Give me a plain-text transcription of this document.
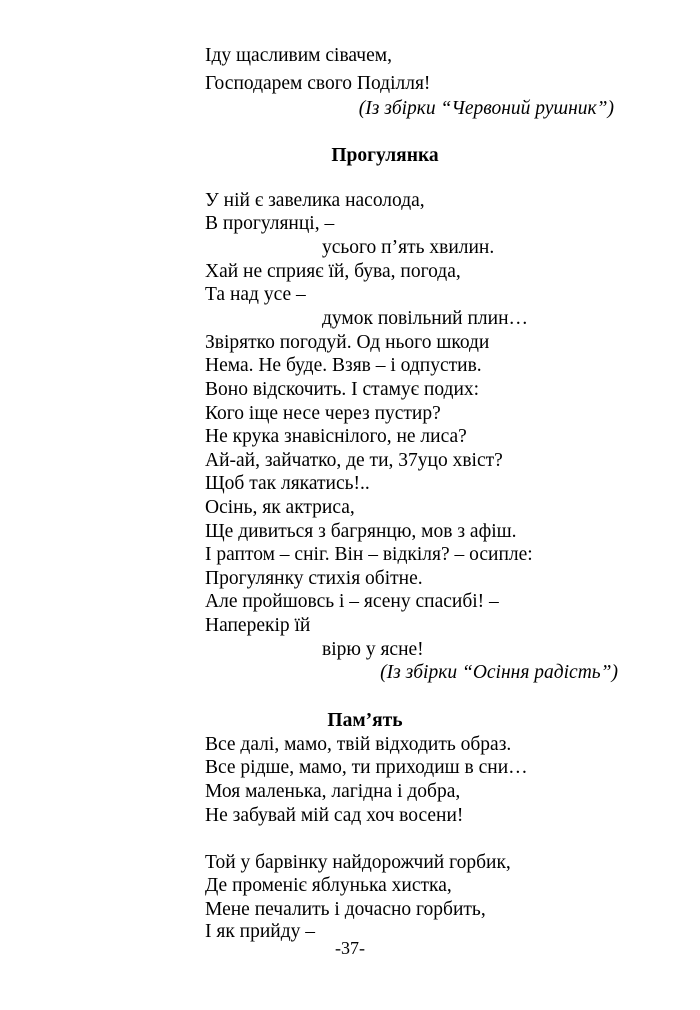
Іду щасливим сівачем,
Господарем свого Поділля!
(Із збірки “Червоний рушник”)
Прогулянка
У ній є завелика насолода,
В прогулянці, –
усього п’ять хвилин.
Хай не сприяє їй, бува, погода,
Та над усе –
думок повільний плин…
Звірятко погодуй. Од нього шкоди
Нема. Не буде. Взяв – і одпустив.
Воно відскочить. І стамує подих:
Кого іще несе через пустир?
Не крука знавіснілого, не лиса?
Ай-ай, зайчатко, де ти, 37уцо хвіст?
Щоб так лякатись!..
Осінь, як актриса,
Ще дивиться з багрянцю, мов з афіш.
І раптом – сніг. Він – відкіля? – осипле:
Прогулянку стихія обітне.
Але пройшовсь і – ясену спасибі! –
Наперекір їй
вірю у ясне!
(Із збірки “Осіння радість”)
Пам’ять
Все далі, мамо, твій відходить образ.
Все рідше, мамо, ти приходиш в сни…
Моя маленька, лагідна і добра,
Не забувай мій сад хоч восени!
Той у барвінку найдорожчий горбик,
Де променіє яблунька хистка,
Мене печалить і дочасно горбить,
І як прийду –
-37-
